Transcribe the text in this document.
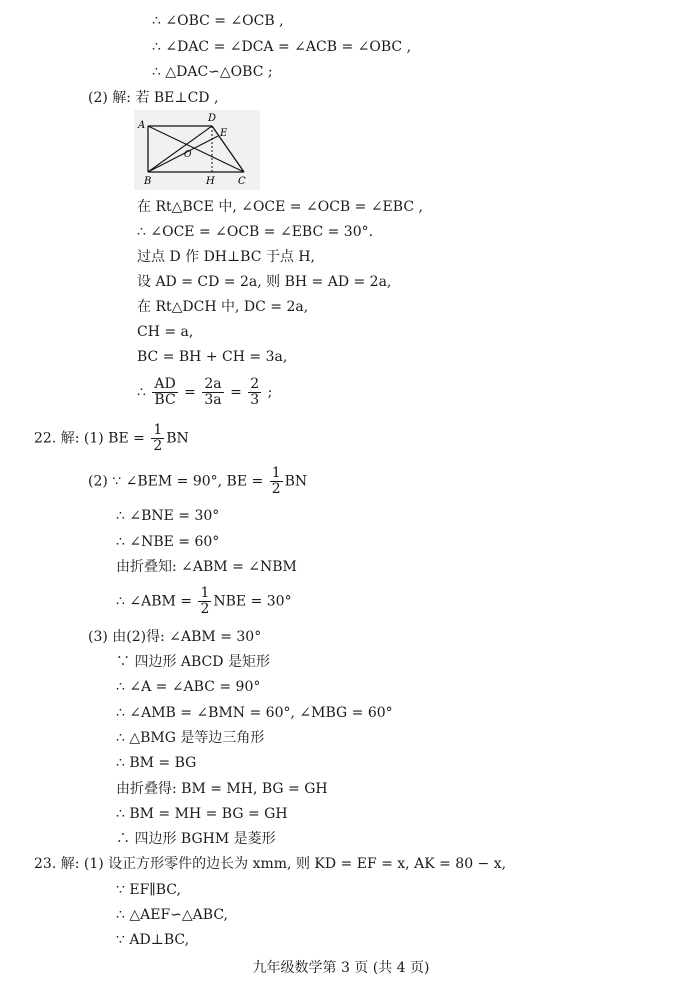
∴ ∠OBC = ∠OCB ,
∴ ∠DAC = ∠DCA = ∠ACB = ∠OBC ,
∴ △DAC∽△OBC ;
(2) 解: 若 BE⊥CD ,
A
D
E
O
B	H C
在 Rt△BCE 中, ∠OCE = ∠OCB = ∠EBC ,
∴ ∠OCE = ∠OCB = ∠EBC = 30°.
过点 D 作 DH⊥BC 于点 H,
设 AD = CD = 2a, 则 BH = AD = 2a,
在 Rt△DCH 中, DC = 2a,
CH = a,
BC = BH + CH = 3a,
∴ $\frac{AD}{BC} = \frac{2a}{3a} = \frac{2}{3}$ ;
22. 解: (1) BE = $\frac{1}{2}$ BN
(2) ∵ ∠BEM = 90°, BE = $\frac{1}{2}$ BN
∴ ∠BNE = 30°
∴ ∠NBE = 60°
由折叠知: ∠ABM = ∠NBM
∴ ∠ABM = $\frac{1}{2}$ NBE = 30°
(3) 由(2)得: ∠ABM = 30°
∵ 四边形 ABCD 是矩形
∴ ∠A = ∠ABC = 90°
∴ ∠AMB = ∠BMN = 60°, ∠MBG = 60°
∴ △BMG 是等边三角形
∴ BM = BG
由折叠得: BM = MH, BG = GH
∴ BM = MH = BG = GH
∴ 四边形 BGHM 是菱形
23. 解: (1) 设正方形零件的边长为 xmm, 则 KD = EF = x, AK = 80 − x,
∵ EF∥BC,
∴ △AEF∽△ABC,
∵ AD⊥BC,
九年级数学第 3 页 (共 4 页)
